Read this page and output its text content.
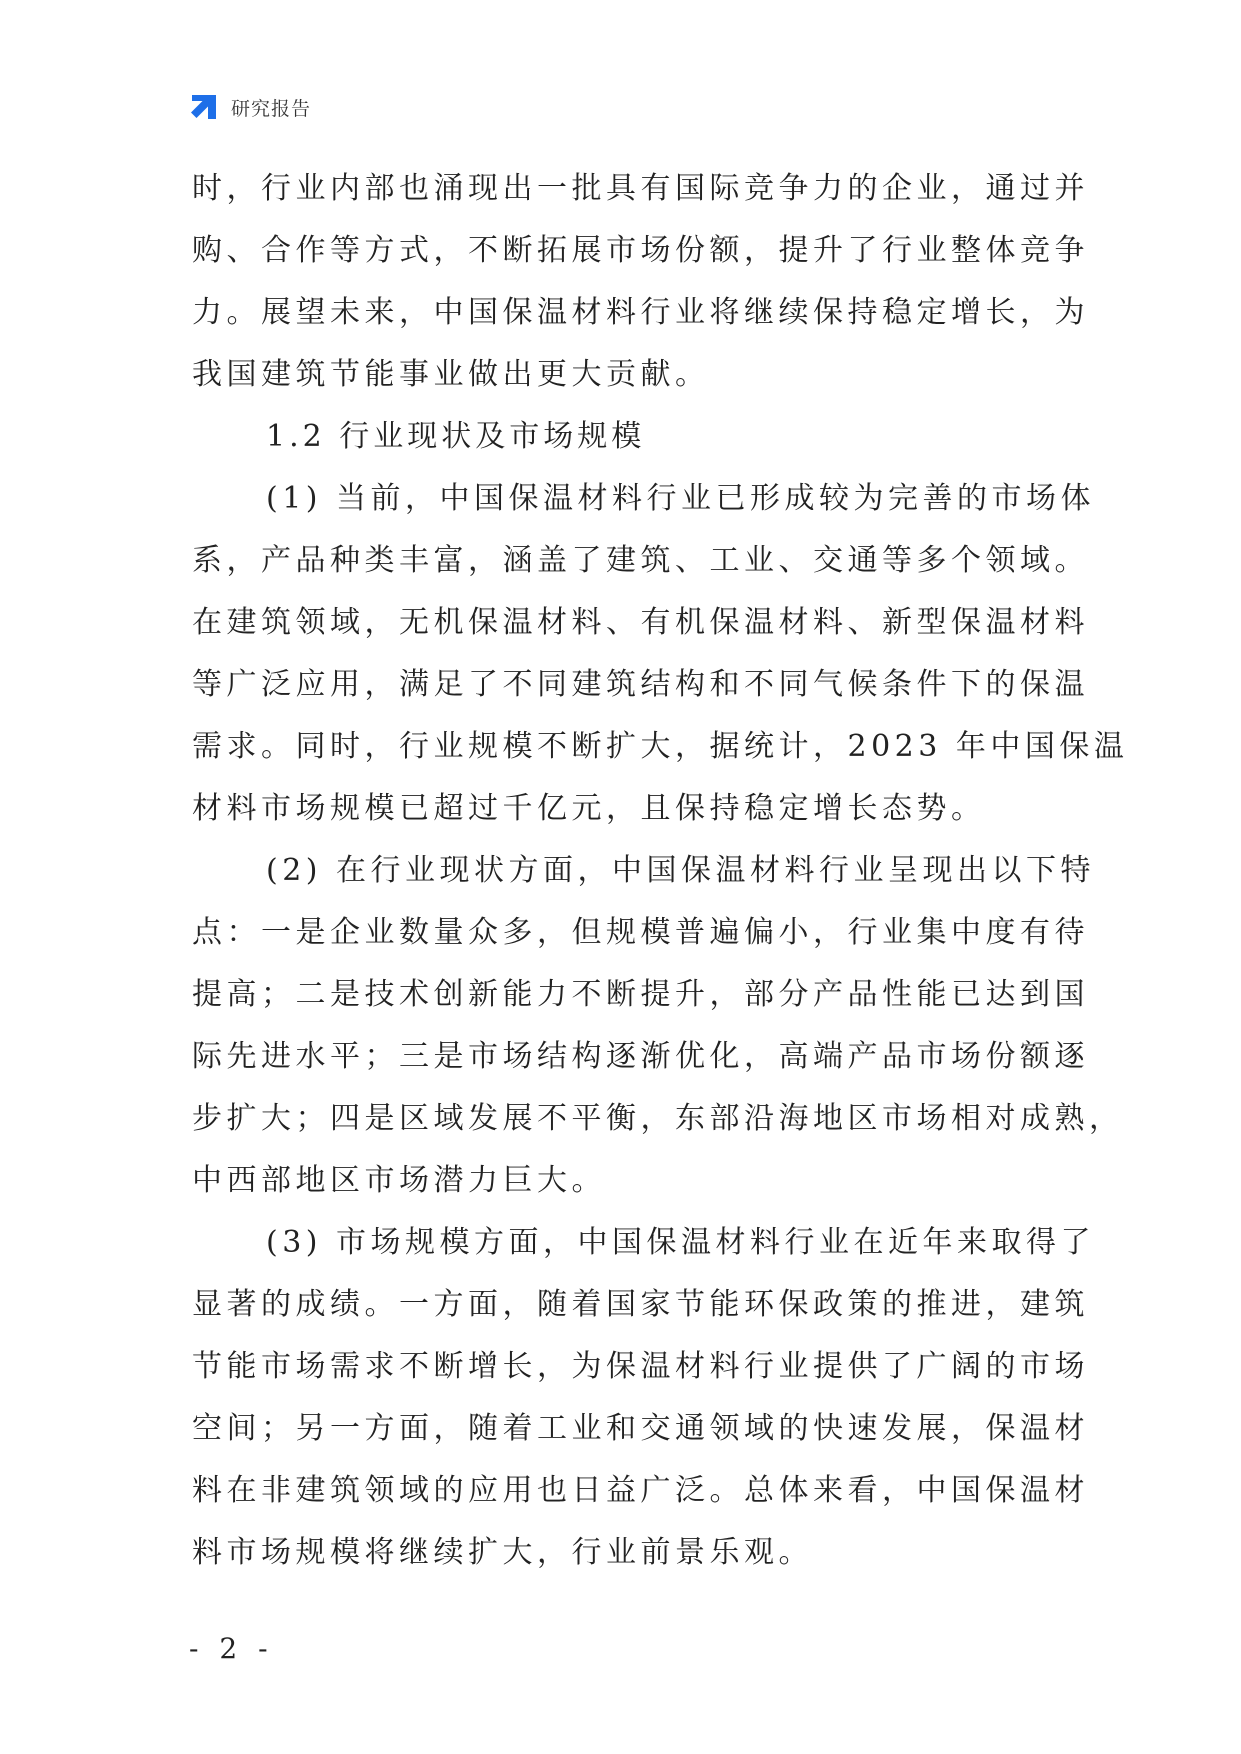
研究报告
时，行业内部也涌现出一批具有国际竞争力的企业，通过并
购、合作等方式，不断拓展市场份额，提升了行业整体竞争
力。展望未来，中国保温材料行业将继续保持稳定增长，为
我国建筑节能事业做出更大贡献。
1.2 行业现状及市场规模
(1) 当前，中国保温材料行业已形成较为完善的市场体
系，产品种类丰富，涵盖了建筑、工业、交通等多个领域。
在建筑领域，无机保温材料、有机保温材料、新型保温材料
等广泛应用，满足了不同建筑结构和不同气候条件下的保温
需求。同时，行业规模不断扩大，据统计，2023 年中国保温
材料市场规模已超过千亿元，且保持稳定增长态势。
(2) 在行业现状方面，中国保温材料行业呈现出以下特
点：一是企业数量众多，但规模普遍偏小，行业集中度有待
提高；二是技术创新能力不断提升，部分产品性能已达到国
际先进水平；三是市场结构逐渐优化，高端产品市场份额逐
步扩大；四是区域发展不平衡，东部沿海地区市场相对成熟，
中西部地区市场潜力巨大。
(3) 市场规模方面，中国保温材料行业在近年来取得了
显著的成绩。一方面，随着国家节能环保政策的推进，建筑
节能市场需求不断增长，为保温材料行业提供了广阔的市场
空间；另一方面，随着工业和交通领域的快速发展，保温材
料在非建筑领域的应用也日益广泛。总体来看，中国保温材
料市场规模将继续扩大，行业前景乐观。
- 2 -
